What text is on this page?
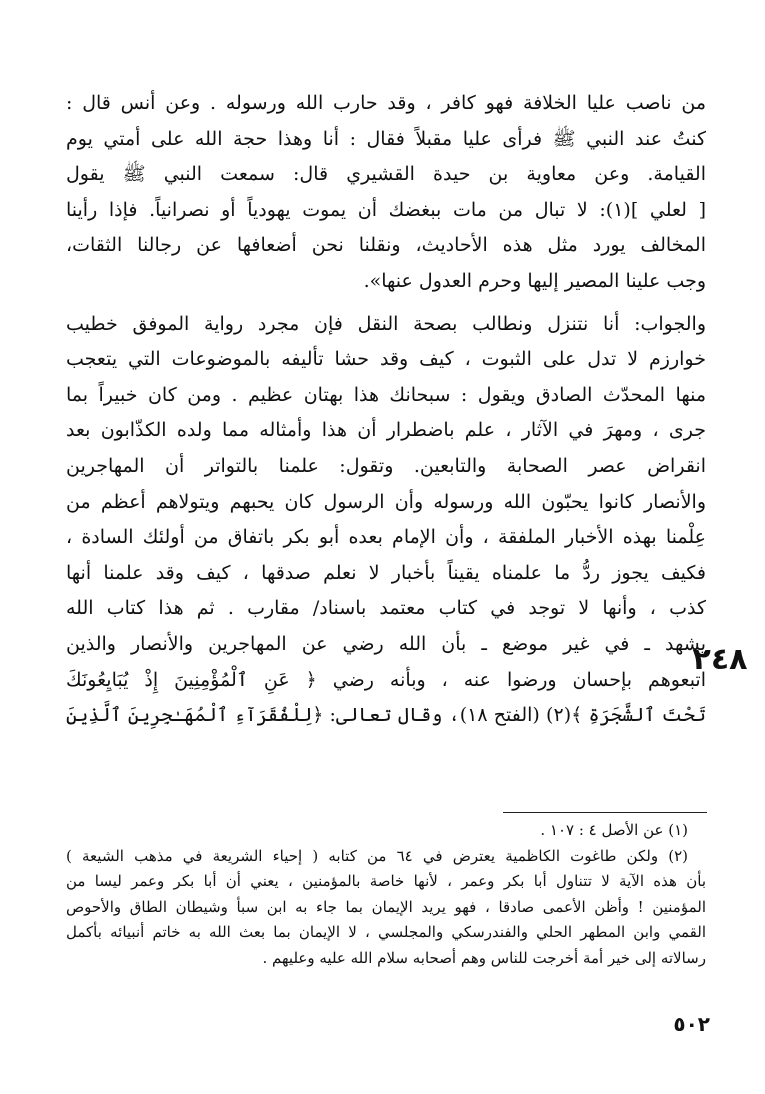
من ناصب عليا الخلافة فهو كافر ، وقد حارب الله ورسوله . وعن أنس قال :
كنتُ عند النبي ﷺ فرأى عليا مقبلاً فقال : أنا وهذا حجة الله على أمتي يوم
القيامة. وعن معاوية بن حيدة القشيري قال: سمعت النبي ﷺ يقول
[ لعلي ](١): لا تبال من مات ببغضك أن يموت يهودياً أو نصرانياً. فإذا رأينا
المخالف يورد مثل هذه الأحاديث، ونقلنا نحن أضعافها عن رجالنا الثقات،
وجب علينا المصير إليها وحرم العدول عنها».
والجواب: أنا نتنزل ونطالب بصحة النقل فإن مجرد رواية الموفق خطيب
خوارزم لا تدل على الثبوت ، كيف وقد حشا تأليفه بالموضوعات التي يتعجب
منها المحدّث الصادق ويقول : سبحانك هذا بهتان عظيم . ومن كان خبيراً بما
جرى ، ومهرَ في الآثار ، علم باضطرار أن هذا وأمثاله مما ولده الكذّابون بعد
انقراض عصر الصحابة والتابعين. وتقول: علمنا بالتواتر أن المهاجرين
والأنصار كانوا يحبّون الله ورسوله وأن الرسول كان يحبهم ويتولاهم أعظم من
عِلْمنا بهذه الأخبار الملفقة ، وأن الإمام بعده أبو بكر باتفاق من أولئك السادة ،
فكيف يجوز ردُّ ما علمناه يقيناً بأخبار لا نعلم صدقها ، كيف وقد علمنا أنها
كذب ، وأنها لا توجد في كتاب معتمد باسناد/ مقارب . ثم هذا كتاب الله
يشهد ـ في غير موضع ـ بأن الله رضي عن المهاجرين والأنصار والذين
اتبعوهم بإحسان ورضوا عنه ، وبأنه رضي ﴿ عَنِ ٱلْمُؤْمِنِينَ إِذْ يُبَايِعُونَكَ
تَحْتَ ٱلشَّجَرَةِ ﴾(٢) (الفتح ١٨)، وقال تعالى: ﴿لِلْفُقَرَآءِ ٱلْمُهَـٰجِرِينَ ٱلَّذِينَ
٢٤٨
(١) عن الأصل ٤ : ١٠٧ .
(٢) ولكن طاغوت الكاظمية يعترض في ٦٤ من كتابه ( إحياء الشريعة في مذهب الشيعة )
بأن هذه الآية لا تتناول أبا بكر وعمر ، لأنها خاصة بالمؤمنين ، يعني أن أبا بكر وعمر ليسا من
المؤمنين ! وأظن الأعمى صادقا ، فهو يريد الإيمان بما جاء به ابن سبأ وشيطان الطاق والأحوص
القمي وابن المطهر الحلي والفندرسكي والمجلسي ، لا الإيمان بما بعث الله به خاتم أنبيائه بأكمل
رسالاته إلى خير أمة أخرجت للناس وهم أصحابه سلام الله عليه وعليهم .
٥٠٢
